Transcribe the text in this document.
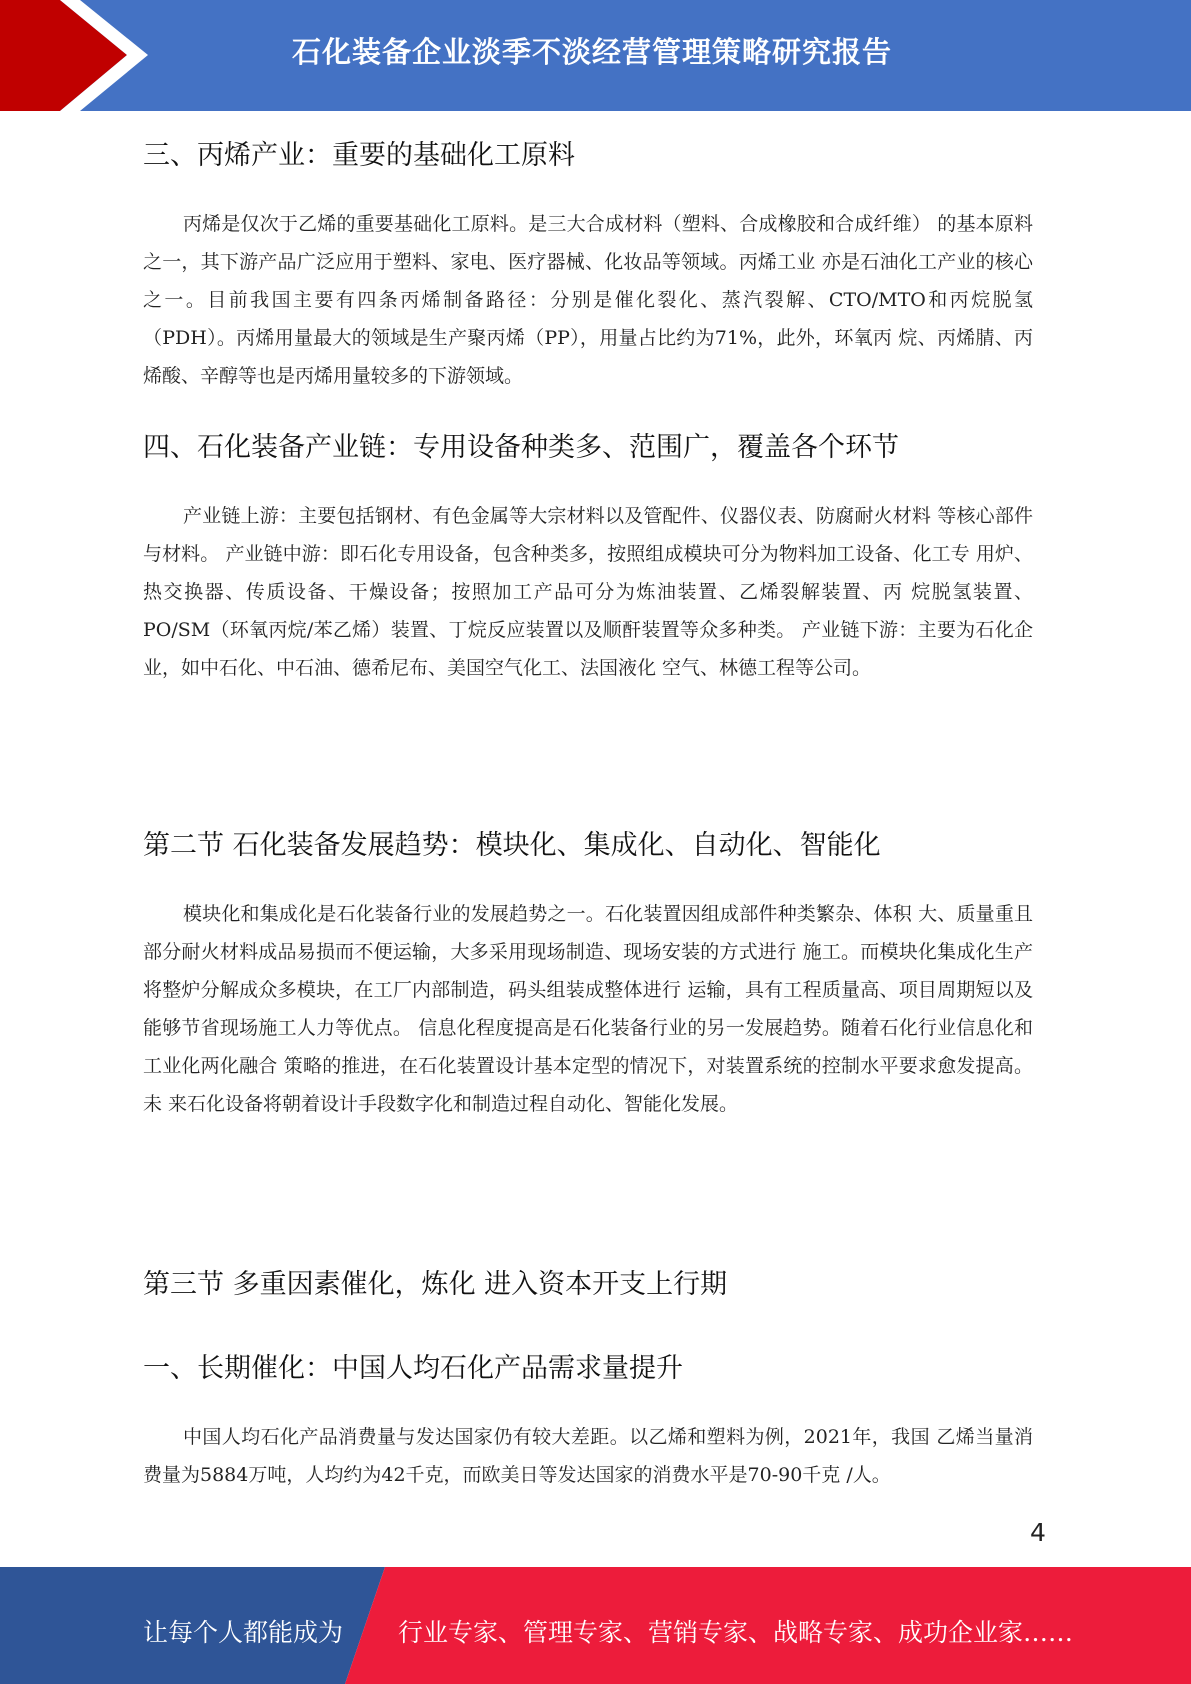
石化装备企业淡季不淡经营管理策略研究报告
三、丙烯产业：重要的基础化工原料

丙烯是仅次于乙烯的重要基础化工原料。是三大合成材料（塑料、合成橡胶和合成纤维） 的基本原料之一，其下游产品广泛应用于塑料、家电、医疗器械、化妆品等领域。丙烯工业 亦是石油化工产业的核心之一。目前我国主要有四条丙烯制备路径：分别是催化裂化、蒸汽裂解、CTO/MTO和丙烷脱氢 （PDH）。丙烯用量最大的领域是生产聚丙烯（PP），用量占比约为71%，此外，环氧丙 烷、丙烯腈、丙烯酸、辛醇等也是丙烯用量较多的下游领域。

四、石化装备产业链：专用设备种类多、范围广，覆盖各个环节

产业链上游：主要包括钢材、有色金属等大宗材料以及管配件、仪器仪表、防腐耐火材料 等核心部件与材料。 产业链中游：即石化专用设备，包含种类多，按照组成模块可分为物料加工设备、化工专 用炉、热交换器、传质设备、干燥设备；按照加工产品可分为炼油装置、乙烯裂解装置、丙 烷脱氢装置、PO/SM（环氧丙烷/苯乙烯）装置、丁烷反应装置以及顺酐装置等众多种类。 产业链下游：主要为石化企业，如中石化、中石油、德希尼布、美国空气化工、法国液化 空气、林德工程等公司。

第二节 石化装备发展趋势：模块化、集成化、自动化、智能化

模块化和集成化是石化装备行业的发展趋势之一。石化装置因组成部件种类繁杂、体积 大、质量重且部分耐火材料成品易损而不便运输，大多采用现场制造、现场安装的方式进行 施工。而模块化集成化生产将整炉分解成众多模块，在工厂内部制造，码头组装成整体进行 运输，具有工程质量高、项目周期短以及能够节省现场施工人力等优点。 信息化程度提高是石化装备行业的另一发展趋势。随着石化行业信息化和工业化两化融合 策略的推进，在石化装置设计基本定型的情况下，对装置系统的控制水平要求愈发提高。未 来石化设备将朝着设计手段数字化和制造过程自动化、智能化发展。

第三节 多重因素催化，炼化 进入资本开支上行期
一、长期催化：中国人均石化产品需求量提升

中国人均石化产品消费量与发达国家仍有较大差距。以乙烯和塑料为例，2021年，我国 乙烯当量消费量为5884万吨，人均约为42千克，而欧美日等发达国家的消费水平是70-90千克 /人。

4
让每个人都能成为 行业专家、管理专家、营销专家、战略专家、成功企业家……
